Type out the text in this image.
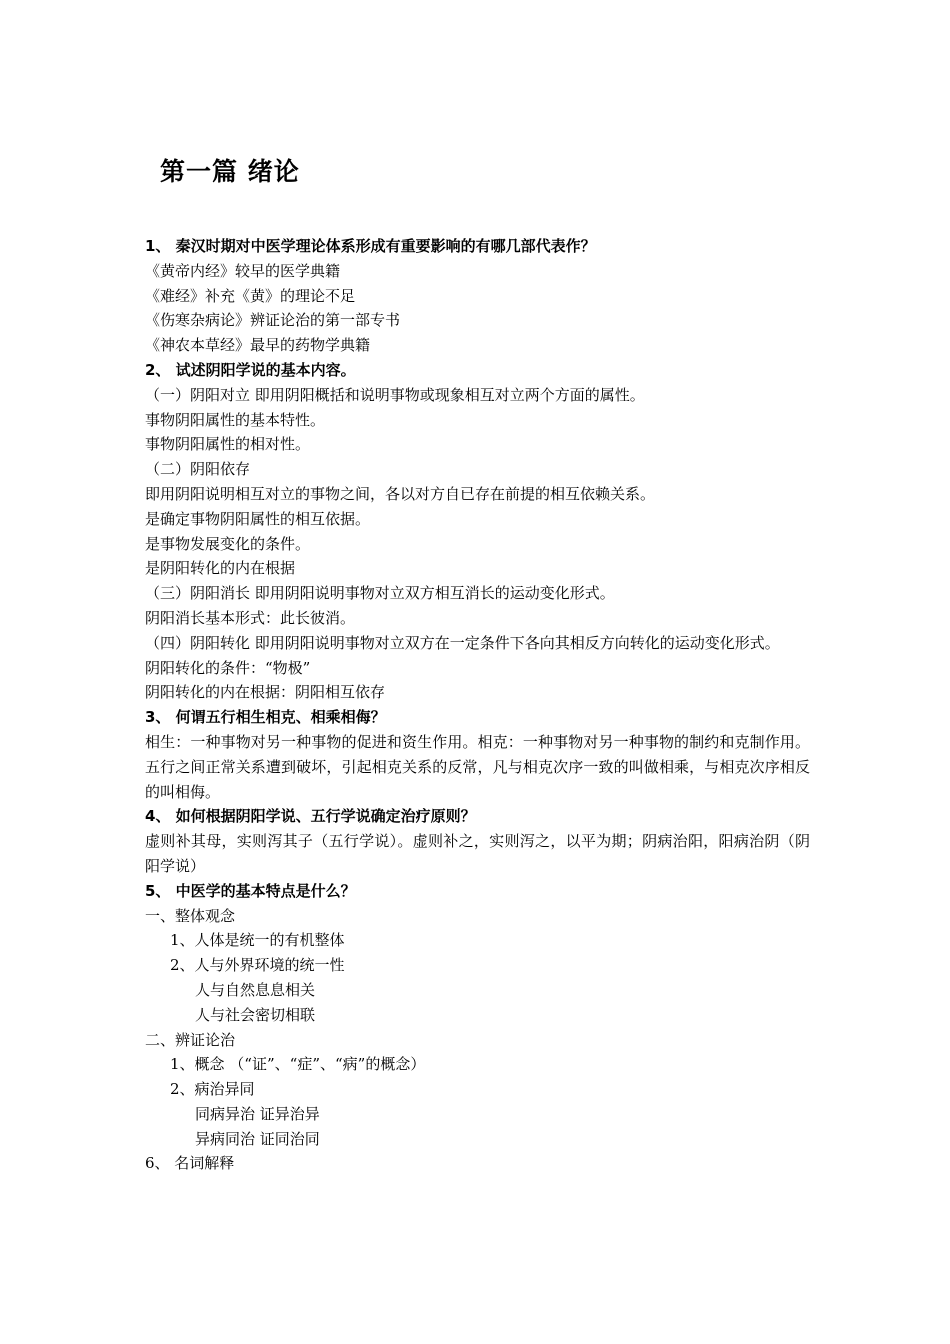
第一篇 绪论
1、 秦汉时期对中医学理论体系形成有重要影响的有哪几部代表作？
《黄帝内经》较早的医学典籍
《难经》补充《黄》的理论不足
《伤寒杂病论》辨证论治的第一部专书
《神农本草经》最早的药物学典籍
2、 试述阴阳学说的基本内容。
（一）阴阳对立 即用阴阳概括和说明事物或现象相互对立两个方面的属性。
事物阴阳属性的基本特性。
事物阴阳属性的相对性。
（二）阴阳依存
即用阴阳说明相互对立的事物之间，各以对方自已存在前提的相互依赖关系。
是确定事物阴阳属性的相互依据。
是事物发展变化的条件。
是阴阳转化的内在根据
（三）阴阳消长 即用阴阳说明事物对立双方相互消长的运动变化形式。
阴阳消长基本形式：此长彼消。
（四）阴阳转化 即用阴阳说明事物对立双方在一定条件下各向其相反方向转化的运动变化形式。
阴阳转化的条件：“物极”
阴阳转化的内在根据：阴阳相互依存
3、 何谓五行相生相克、相乘相侮？
相生：一种事物对另一种事物的促进和资生作用。相克：一种事物对另一种事物的制约和克制作用。五行之间正常关系遭到破坏，引起相克关系的反常，凡与相克次序一致的叫做相乘，与相克次序相反的叫相侮。
4、 如何根据阴阳学说、五行学说确定治疗原则？
虚则补其母，实则泻其子（五行学说）。虚则补之，实则泻之，以平为期；阴病治阳，阳病治阴（阴阳学说）
5、 中医学的基本特点是什么？
一、整体观念
1、人体是统一的有机整体
2、人与外界环境的统一性
人与自然息息相关
人与社会密切相联
二、辨证论治
1、概念 （“证”、“症”、“病”的概念）
2、病治异同
同病异治 证异治异
异病同治 证同治同
6、 名词解释
